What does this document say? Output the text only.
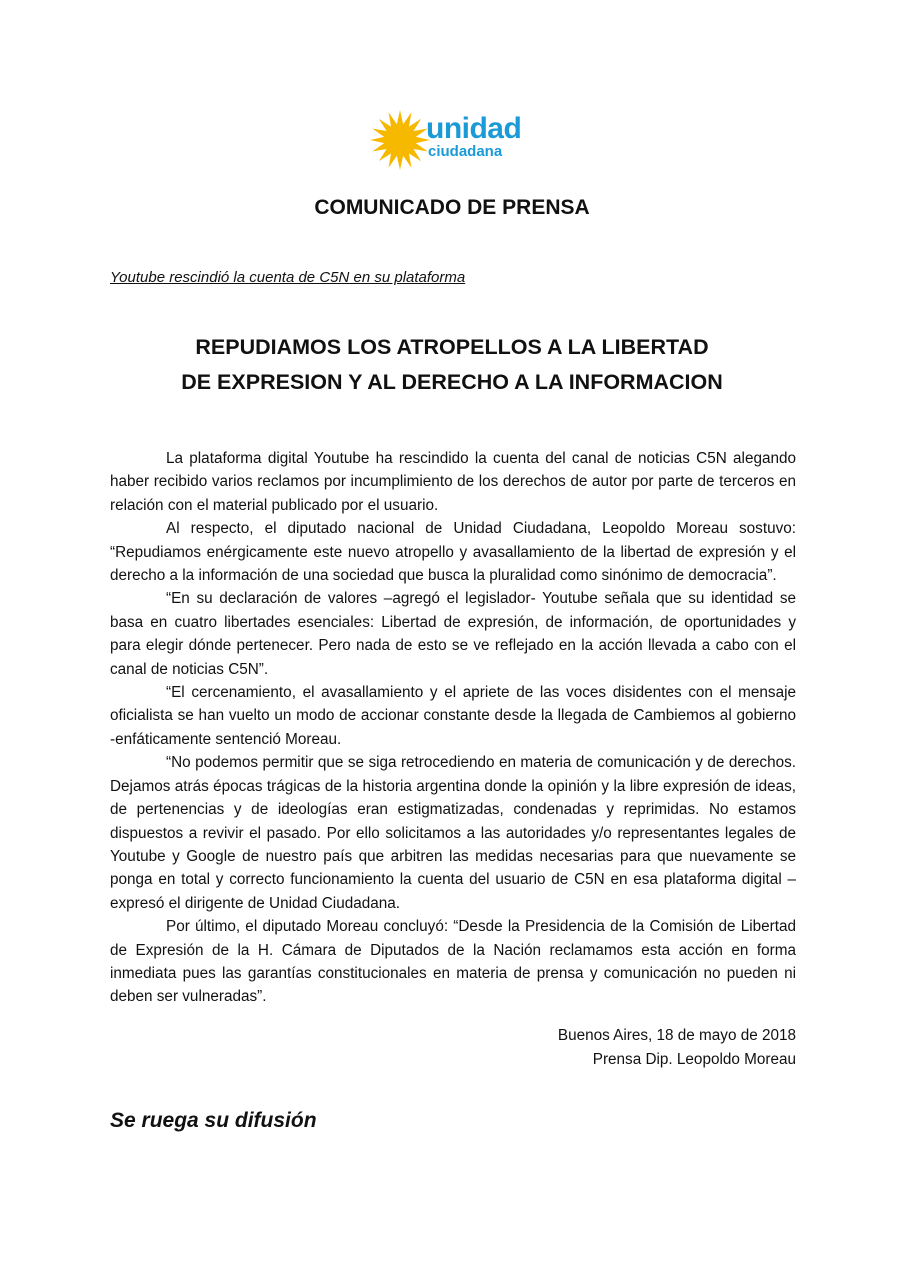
unidad
ciudadana
COMUNICADO DE PRENSA
Youtube rescindió la cuenta de C5N en su plataforma
REPUDIAMOS LOS ATROPELLOS A LA LIBERTAD
DE EXPRESION Y AL DERECHO A LA INFORMACION

La plataforma digital Youtube ha rescindido la cuenta del canal de noticias C5N alegando haber recibido varios reclamos por incumplimiento de los derechos de autor por parte de terceros en relación con el material publicado por el usuario.

Al respecto, el diputado nacional de Unidad Ciudadana, Leopoldo Moreau sostuvo: “Repudiamos enérgicamente este nuevo atropello y avasallamiento de la libertad de expresión y el derecho a la información de una sociedad que busca la pluralidad como sinónimo de democracia”.

“En su declaración de valores –agregó el legislador- Youtube señala que su identidad se basa en cuatro libertades esenciales: Libertad de expresión, de información, de oportunidades y para elegir dónde pertenecer. Pero nada de esto se ve reflejado en la acción llevada a cabo con el canal de noticias C5N”.

“El cercenamiento, el avasallamiento y el apriete de las voces disidentes con el mensaje oficialista se han vuelto un modo de accionar constante desde la llegada de Cambiemos al gobierno -enfáticamente sentenció Moreau.

“No podemos permitir que se siga retrocediendo en materia de comunicación y de derechos. Dejamos atrás épocas trágicas de la historia argentina donde la opinión y la libre expresión de ideas, de pertenencias y de ideologías eran estigmatizadas, condenadas y reprimidas. No estamos dispuestos a revivir el pasado. Por ello solicitamos a las autoridades y/o representantes legales de Youtube y Google de nuestro país que arbitren las medidas necesarias para que nuevamente se ponga en total y correcto funcionamiento la cuenta del usuario de C5N en esa plataforma digital – expresó el dirigente de Unidad Ciudadana.

Por último, el diputado Moreau concluyó: “Desde la Presidencia de la Comisión de Libertad de Expresión de la H. Cámara de Diputados de la Nación reclamamos esta acción en forma inmediata pues las garantías constitucionales en materia de prensa y comunicación no pueden ni deben ser vulneradas”.

Buenos Aires, 18 de mayo de 2018
Prensa Dip. Leopoldo Moreau
Se ruega su difusión
